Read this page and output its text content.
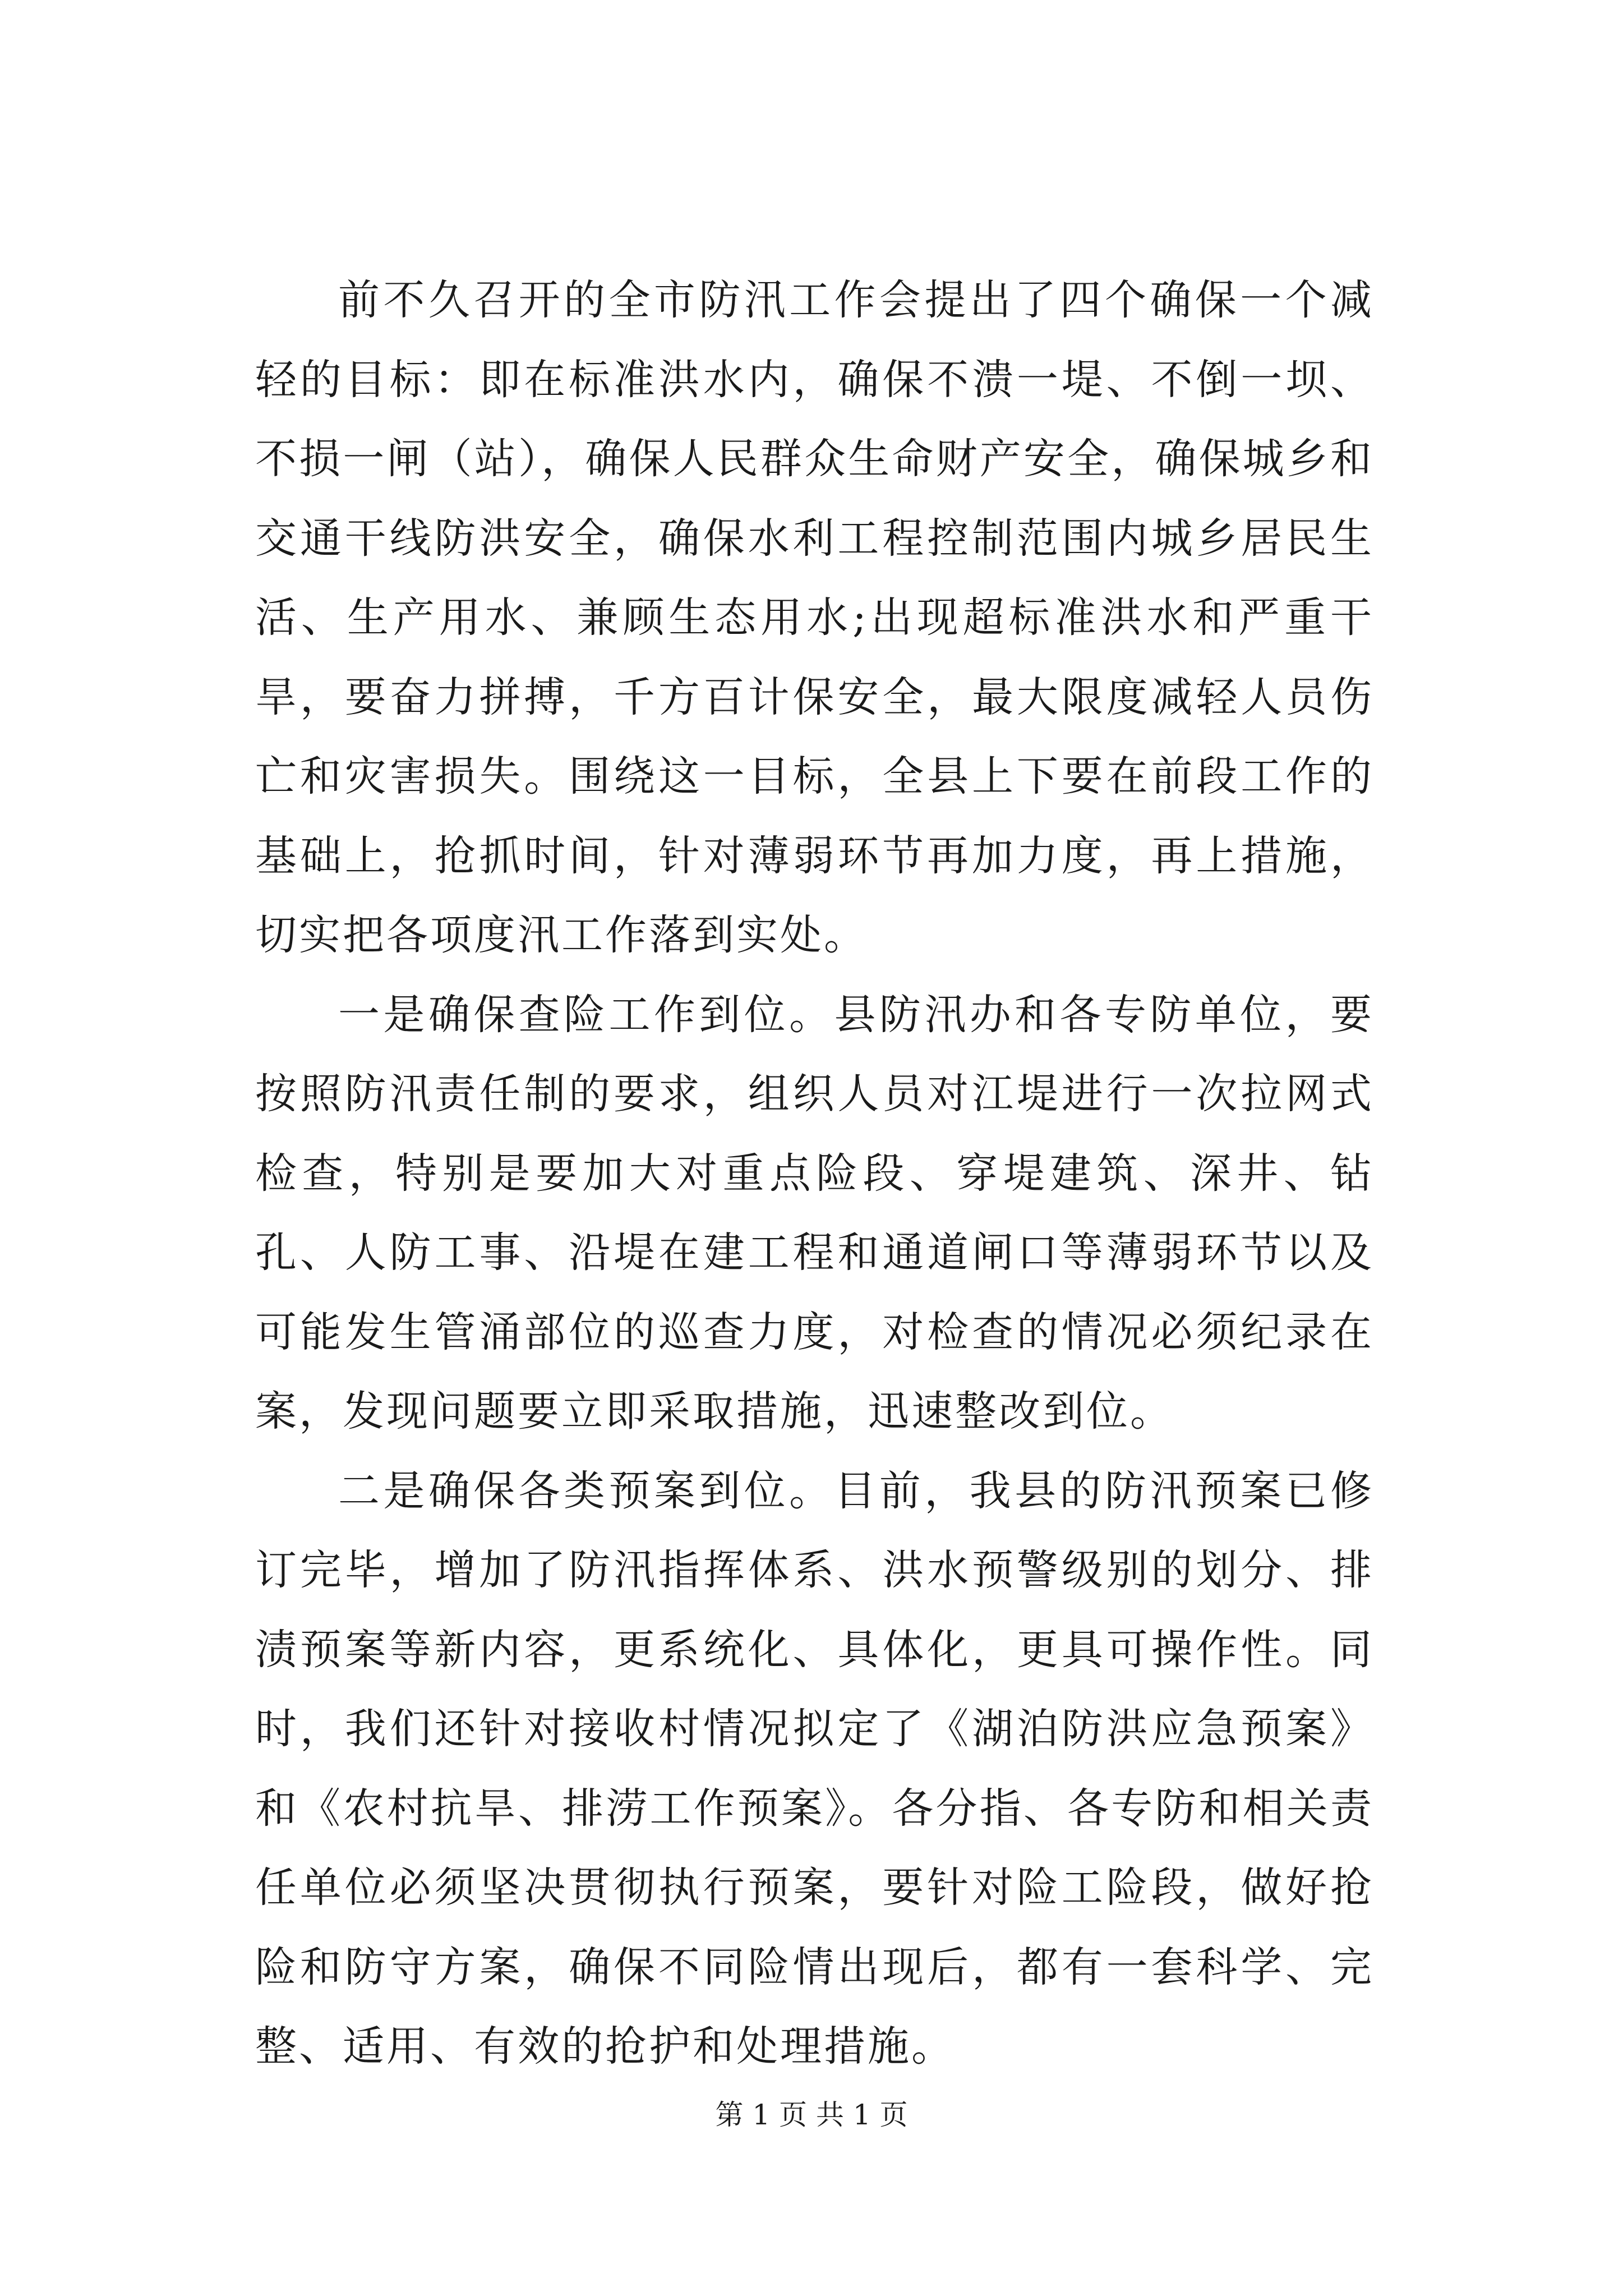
前不久召开的全市防汛工作会提出了四个确保一个减轻的目标：即在标准洪水内，确保不溃一堤、不倒一坝、不损一闸（站），确保人民群众生命财产安全，确保城乡和交通干线防洪安全，确保水利工程控制范围内城乡居民生活、生产用水、兼顾生态用水;出现超标准洪水和严重干旱，要奋力拼搏，千方百计保安全，最大限度减轻人员伤亡和灾害损失。围绕这一目标，全县上下要在前段工作的基础上，抢抓时间，针对薄弱环节再加力度，再上措施，切实把各项度汛工作落到实处。

一是确保查险工作到位。县防汛办和各专防单位，要按照防汛责任制的要求，组织人员对江堤进行一次拉网式检查，特别是要加大对重点险段、穿堤建筑、深井、钻孔、人防工事、沿堤在建工程和通道闸口等薄弱环节以及可能发生管涌部位的巡查力度，对检查的情况必须纪录在案，发现问题要立即采取措施，迅速整改到位。

二是确保各类预案到位。目前，我县的防汛预案已修订完毕，增加了防汛指挥体系、洪水预警级别的划分、排渍预案等新内容，更系统化、具体化，更具可操作性。同时，我们还针对接收村情况拟定了《湖泊防洪应急预案》和《农村抗旱、排涝工作预案》。各分指、各专防和相关责任单位必须坚决贯彻执行预案，要针对险工险段，做好抢险和防守方案，确保不同险情出现后，都有一套科学、完整、适用、有效的抢护和处理措施。

第 1 页 共 1 页
